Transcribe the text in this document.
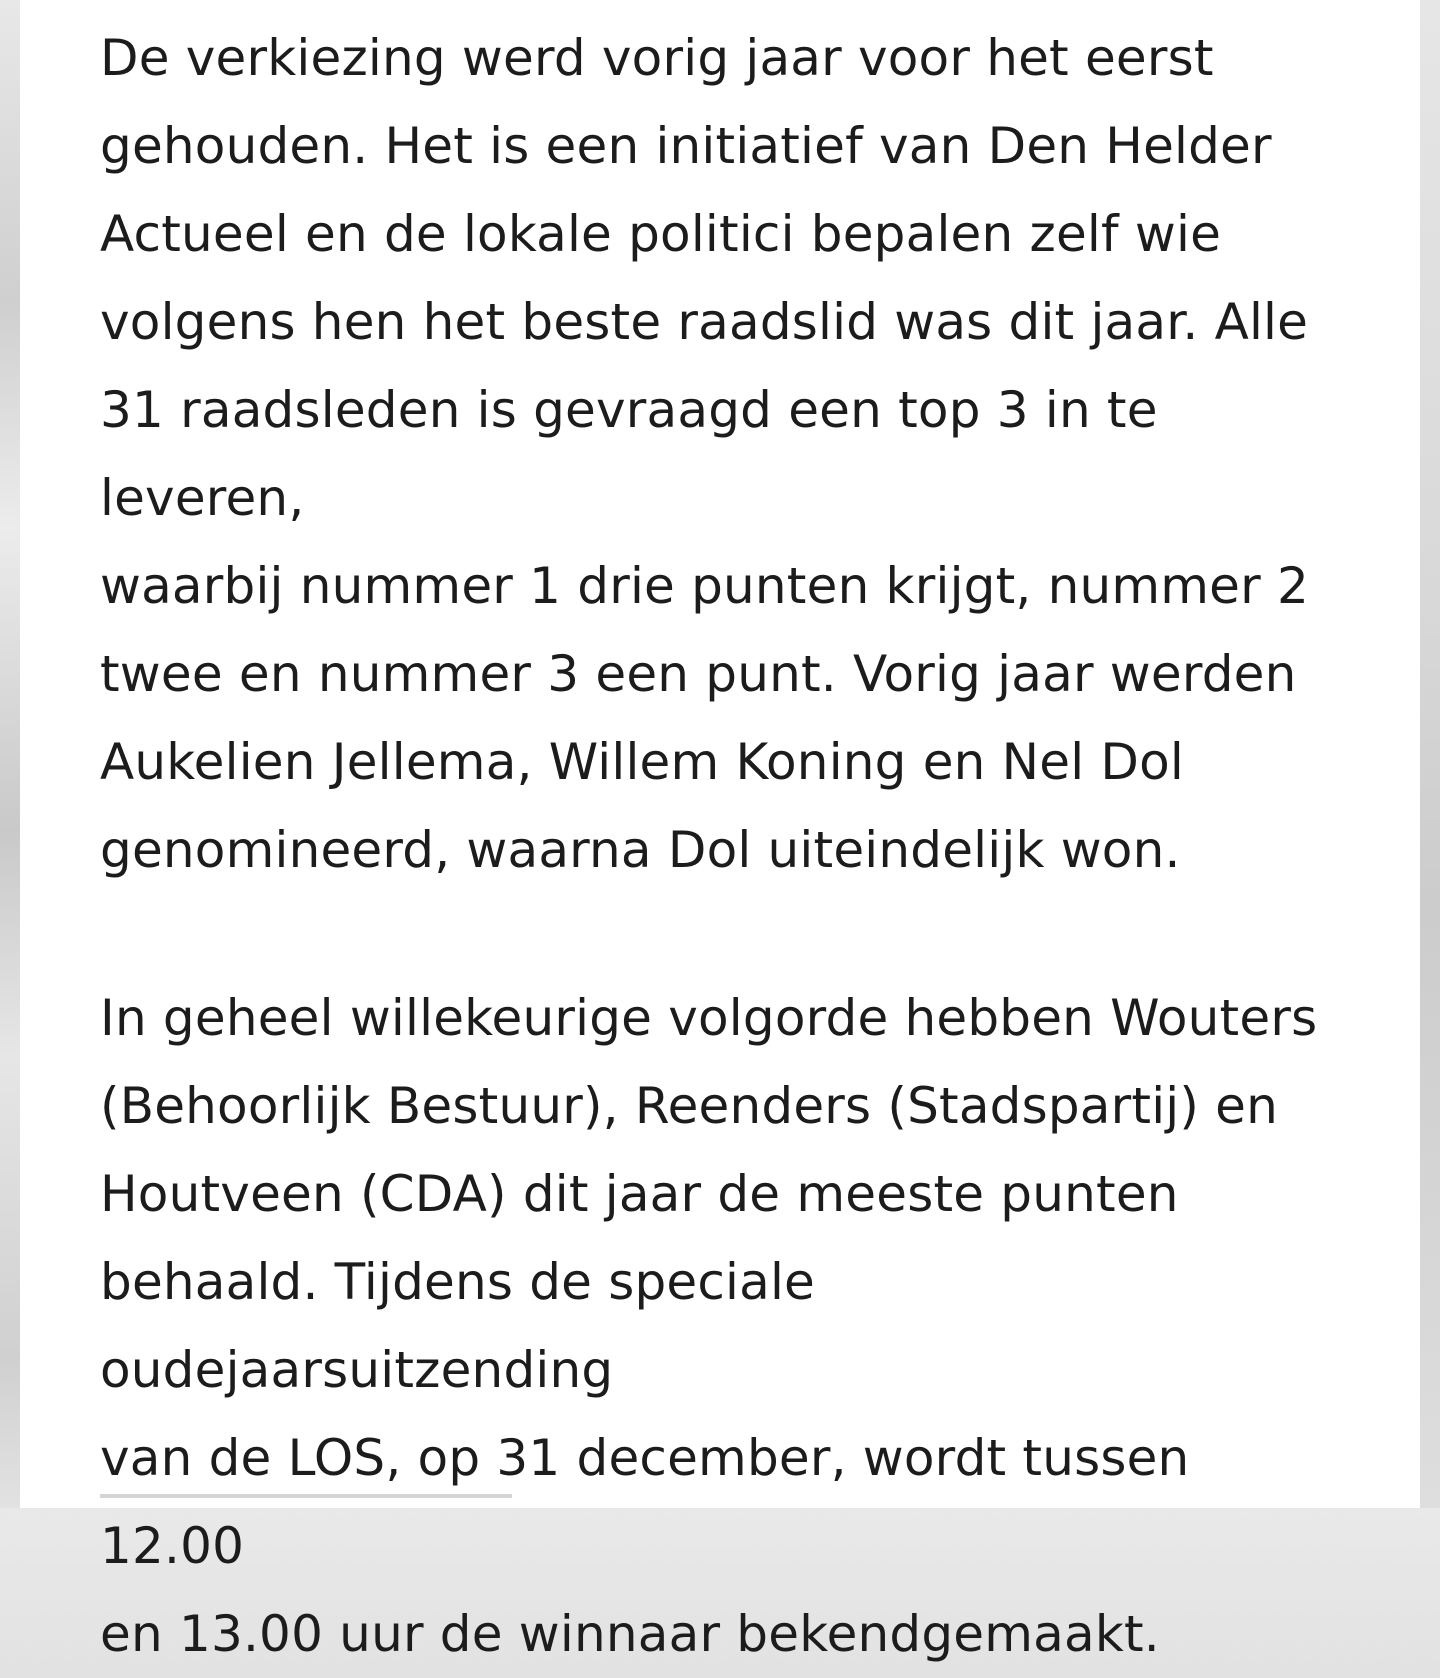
De verkiezing werd vorig jaar voor het eerst
gehouden. Het is een initiatief van Den Helder
Actueel en de lokale politici bepalen zelf wie
volgens hen het beste raadslid was dit jaar. Alle
31 raadsleden is gevraagd een top 3 in te leveren,
waarbij nummer 1 drie punten krijgt, nummer 2
twee en nummer 3 een punt. Vorig jaar werden
Aukelien Jellema, Willem Koning en Nel Dol
genomineerd, waarna Dol uiteindelijk won.

In geheel willekeurige volgorde hebben Wouters
(Behoorlijk Bestuur), Reenders (Stadspartij) en
Houtveen (CDA) dit jaar de meeste punten
behaald. Tijdens de speciale oudejaarsuitzending
van de LOS, op 31 december, wordt tussen 12.00
en 13.00 uur de winnaar bekendgemaakt.
